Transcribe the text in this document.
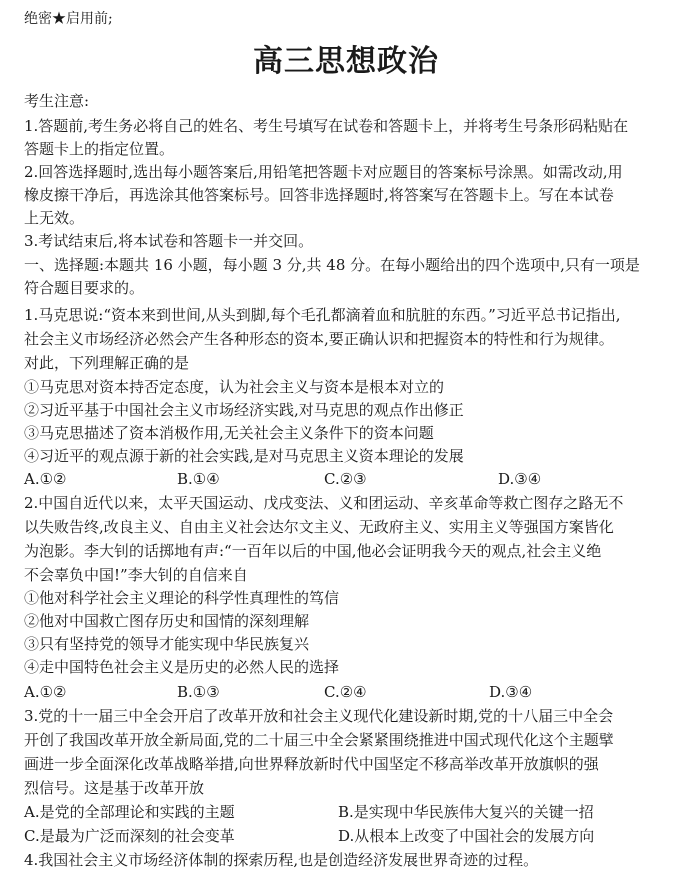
绝密★启用前;
高三思想政治
考生注意:
1.答题前,考生务必将自己的姓名、考生号填写在试卷和答题卡上，并将考生号条形码粘贴在
答题卡上的指定位置。
2.回答选择题时,选出每小题答案后,用铅笔把答题卡对应题目的答案标号涂黑。如需改动,用
橡皮擦干净后，再选涂其他答案标号。回答非选择题时,将答案写在答题卡上。写在本试卷
上无效。
3.考试结束后,将本试卷和答题卡一并交回。
一、选择题:本题共 16 小题，每小题 3 分,共 48 分。在每小题给出的四个选项中,只有一项是
符合题目要求的。
1.马克思说:“资本来到世间,从头到脚,每个毛孔都滴着血和肮脏的东西。”习近平总书记指出,
社会主义市场经济必然会产生各种形态的资本,要正确认识和把握资本的特性和行为规律。
对此，下列理解正确的是
①马克思对资本持否定态度，认为社会主义与资本是根本对立的
②习近平基于中国社会主义市场经济实践,对马克思的观点作出修正
③马克思描述了资本消极作用,无关社会主义条件下的资本问题
④习近平的观点源于新的社会实践,是对马克思主义资本理论的发展
A.①②	B.①④	C.②③	D.③④
2.中国自近代以来，太平天国运动、戊戌变法、义和团运动、辛亥革命等救亡图存之路无不
以失败告终,改良主义、自由主义社会达尔文主义、无政府主义、实用主义等强国方案皆化
为泡影。李大钊的话掷地有声:“一百年以后的中国,他必会证明我今天的观点,社会主义绝
不会辜负中国!”李大钊的自信来自
①他对科学社会主义理论的科学性真理性的笃信
②他对中国救亡图存历史和国情的深刻理解
③只有坚持党的领导才能实现中华民族复兴
④走中国特色社会主义是历史的必然人民的选择
A.①②	B.①③	C.②④	D.③④
3.党的十一届三中全会开启了改革开放和社会主义现代化建设新时期,党的十八届三中全会
开创了我国改革开放全新局面,党的二十届三中全会紧紧围绕推进中国式现代化这个主题擘
画进一步全面深化改革战略举措,向世界释放新时代中国坚定不移高举改革开放旗帜的强
烈信号。这是基于改革开放
A.是党的全部理论和实践的主题	B.是实现中华民族伟大复兴的关键一招
C.是最为广泛而深刻的社会变革	D.从根本上改变了中国社会的发展方向
4.我国社会主义市场经济体制的探索历程,也是创造经济发展世界奇迹的过程。
